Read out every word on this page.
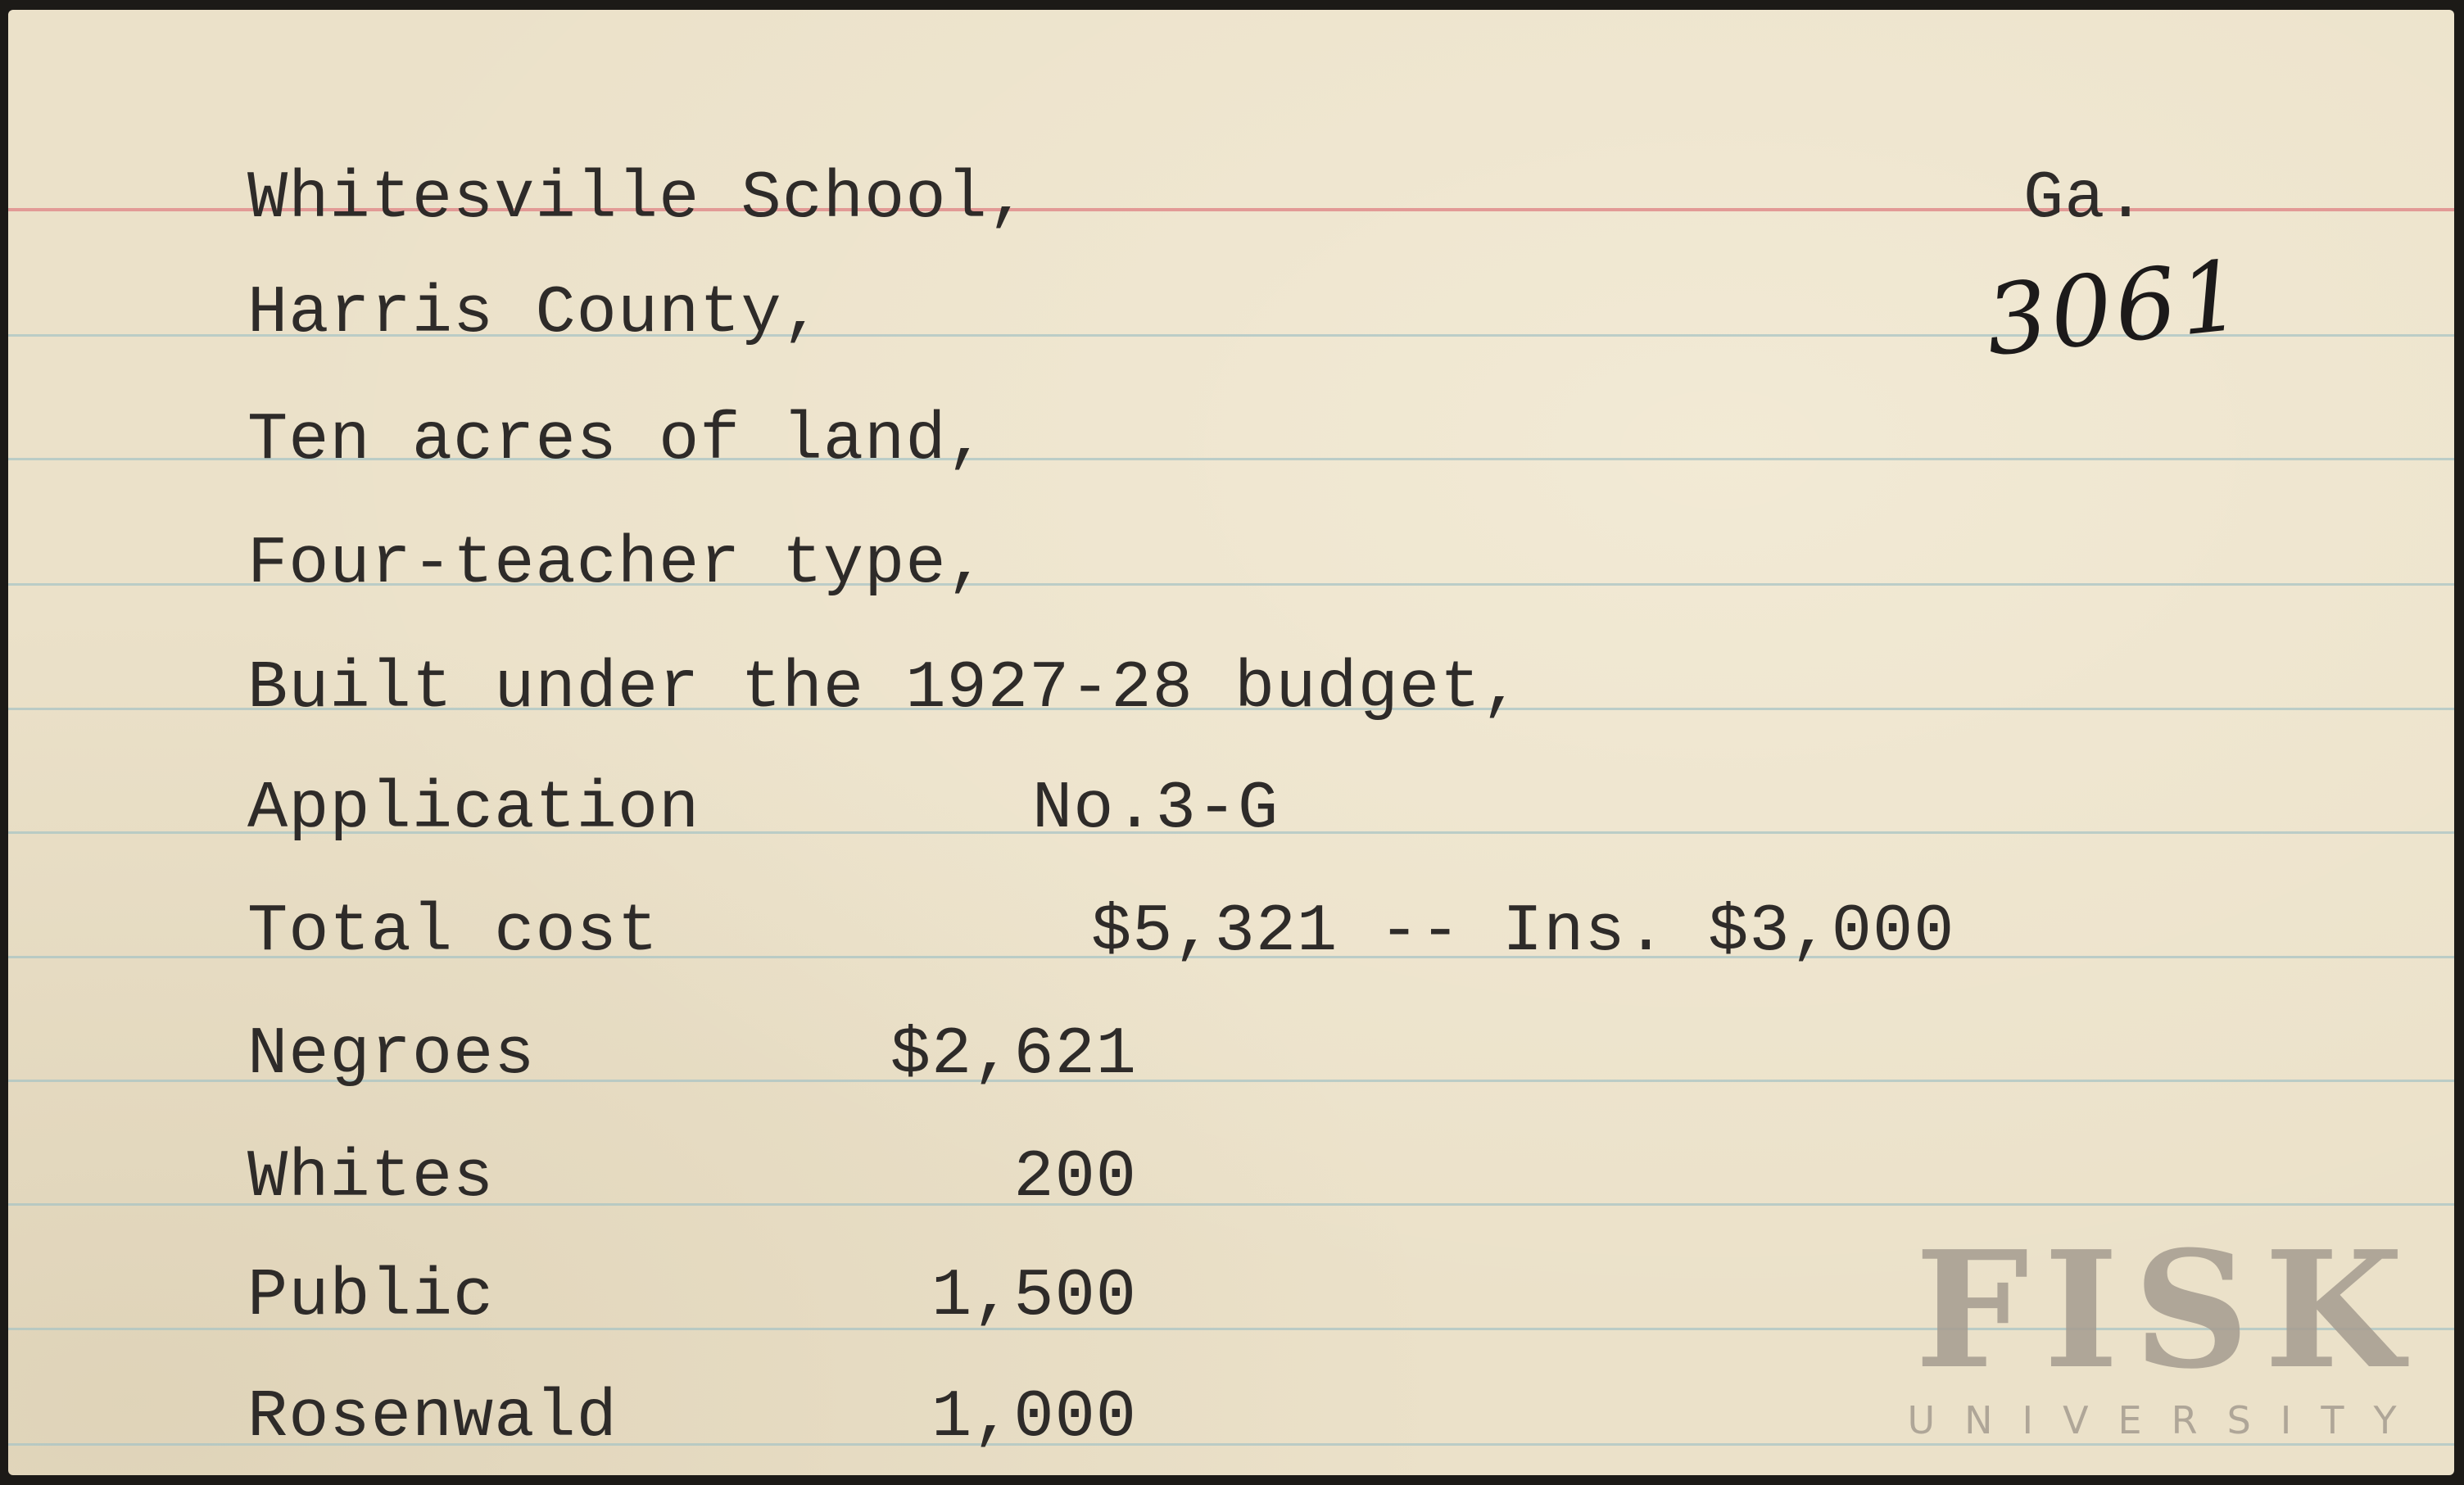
Whitesville School,	Ga.
3061
Harris County,
Ten acres of land,
Four-teacher type,
Built under the 1927-28 budget,
Application	No.3-G
Total cost	$5,321 -- Ins. $3,000
Negroes	$2,621
Whites	200
Public	1,500
Rosenwald	1,000
FISK
UNIVERSITY
